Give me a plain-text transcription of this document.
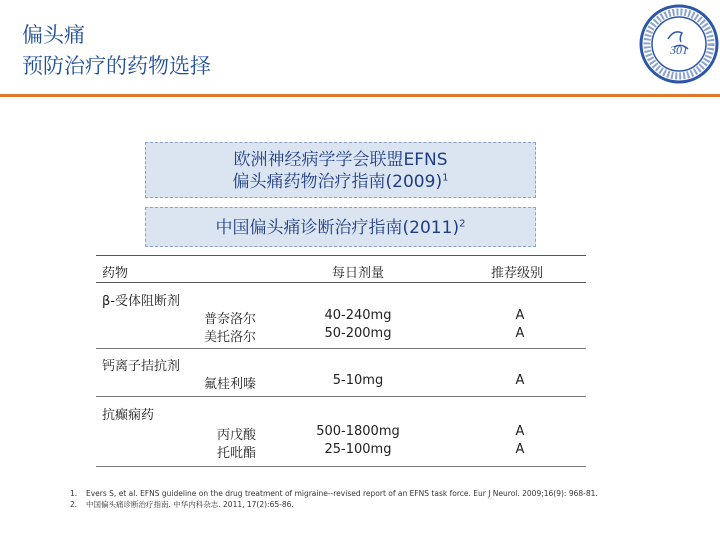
偏头痛
预防治疗的药物选择
301
欧洲神经病学学会联盟EFNS
偏头痛药物治疗指南$(2009)^1$
中国偏头痛诊断治疗指南$(2011)^2$
药物	每日剂量	推荐级别
β-受体阻断剂
普奈洛尔	40-240mg	A
美托洛尔	50-200mg	A
钙离子拮抗剂
氟桂利嗪	5-10mg	A
抗癫痫药
丙戊酸	500-1800mg	A
托吡酯	25-100mg	A
1. Evers S, et al. EFNS guideline on the drug treatment of migraine--revised report of an EFNS task force. Eur J Neurol. 2009;16(9): 968-81.
2. 中国偏头痛诊断治疗指南. 中华内科杂志. 2011, 17(2):65-86.
